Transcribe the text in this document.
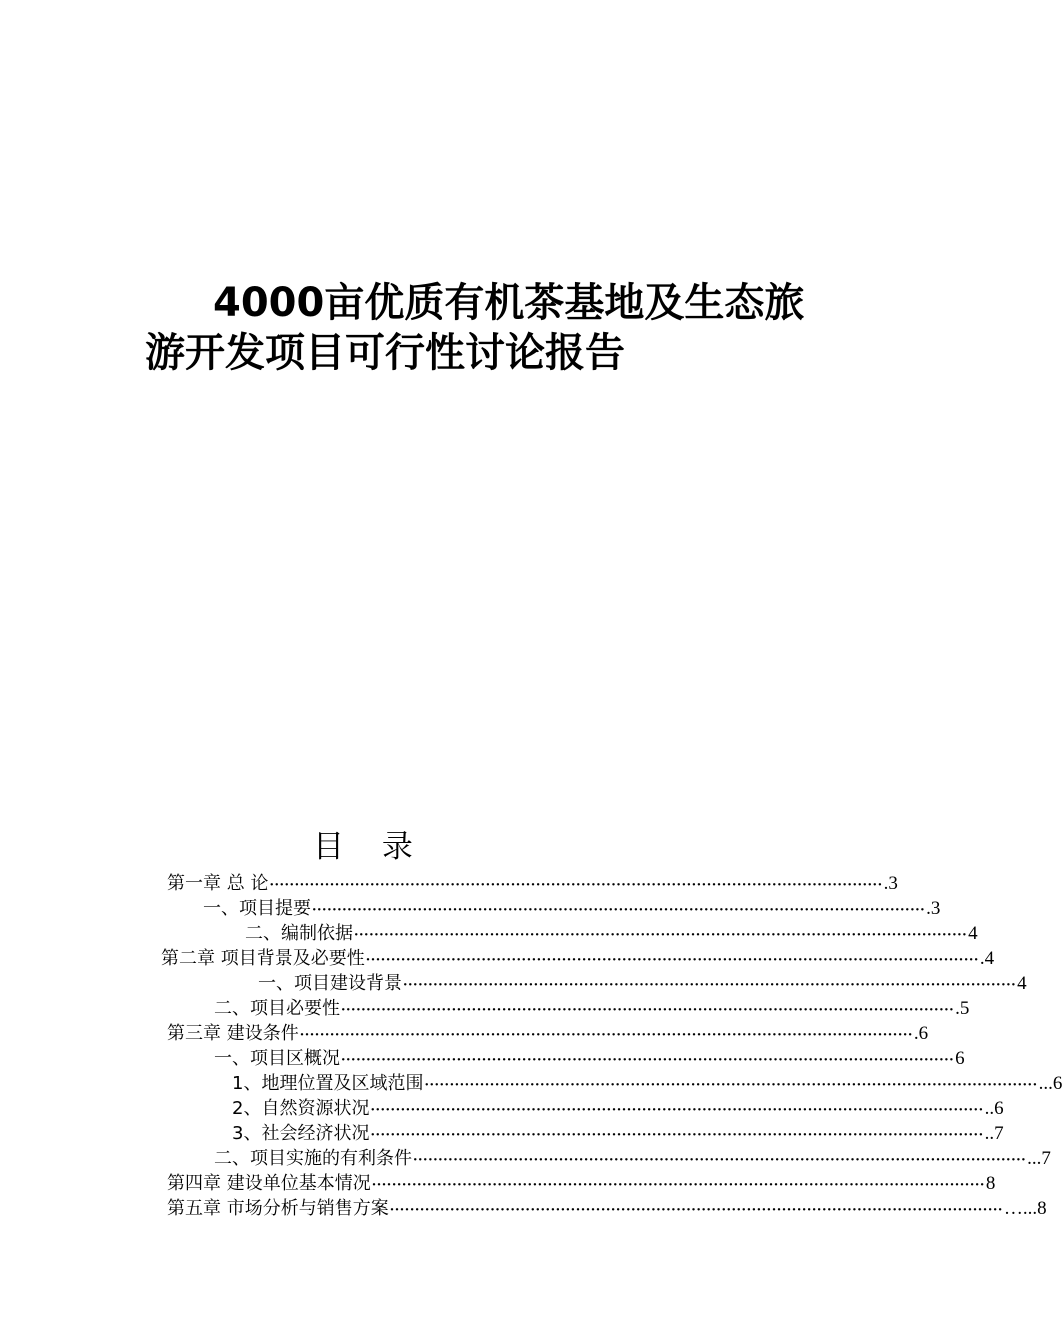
4000亩优质有机茶基地及生态旅游开发项目可行性讨论报告
目 录
第一章 总 论 ·························································································································· .3
一、项目提要 ·························································································································· .3
二、编制依据 ·························································································································· 4
第二章 项目背景及必要性 ·························································································································· .4
一、项目建设背景 ·························································································································· 4
二、项目必要性 ·························································································································· .5
第三章 建设条件 ·························································································································· .6
一、项目区概况 ·························································································································· 6
1、地理位置及区域范围 ·························································································································· ...6
2、自然资源状况 ·························································································································· ..6
3、社会经济状况 ·························································································································· ..7
二、项目实施的有利条件 ·························································································································· ...7
第四章 建设单位基本情况 ·························································································································· 8
第五章 市场分析与销售方案 ·························································································································· …...8
